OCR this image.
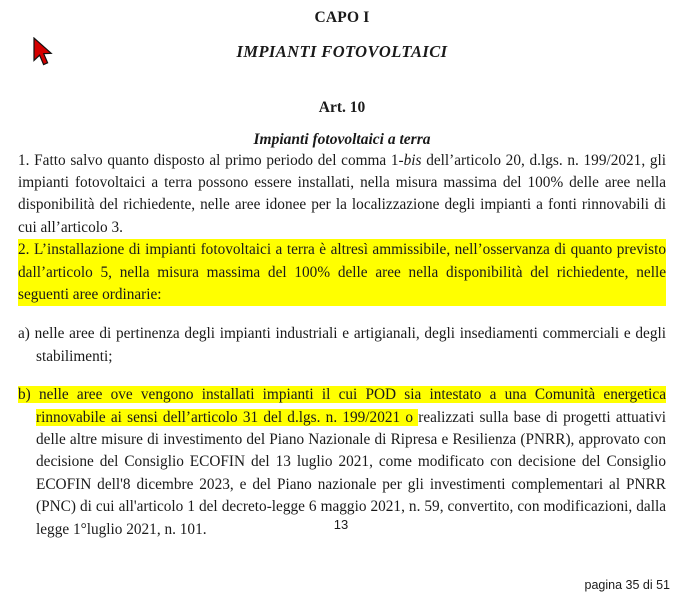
CAPO I
IMPIANTI FOTOVOLTAICI
Art. 10
Impianti fotovoltaici a terra

1. Fatto salvo quanto disposto al primo periodo del comma 1-bis dell’articolo 20, d.lgs. n. 199/2021, gli impianti fotovoltaici a terra possono essere installati, nella misura massima del 100% delle aree nella disponibilità del richiedente, nelle aree idonee per la localizzazione degli impianti a fonti rinnovabili di cui all’articolo 3.

2. L’installazione di impianti fotovoltaici a terra è altresì ammissibile, nell’osservanza di quanto previsto dall’articolo 5, nella misura massima del 100% delle aree nella disponibilità del richiedente, nelle seguenti aree ordinarie:

a) nelle aree di pertinenza degli impianti industriali e artigianali, degli insediamenti commerciali e degli stabilimenti;

b) nelle aree ove vengono installati impianti il cui POD sia intestato a una Comunità energetica rinnovabile ai sensi dell’articolo 31 del d.lgs. n. 199/2021 o realizzati sulla base di progetti attuativi delle altre misure di investimento del Piano Nazionale di Ripresa e Resilienza (PNRR), approvato con decisione del Consiglio ECOFIN del 13 luglio 2021, come modificato con decisione del Consiglio ECOFIN dell'8 dicembre 2023, e del Piano nazionale per gli investimenti complementari al PNRR (PNC) di cui all'articolo 1 del decreto-legge 6 maggio 2021, n. 59, convertito, con modificazioni, dalla legge 1°luglio 2021, n. 101.	13
pagina 35 di 51
